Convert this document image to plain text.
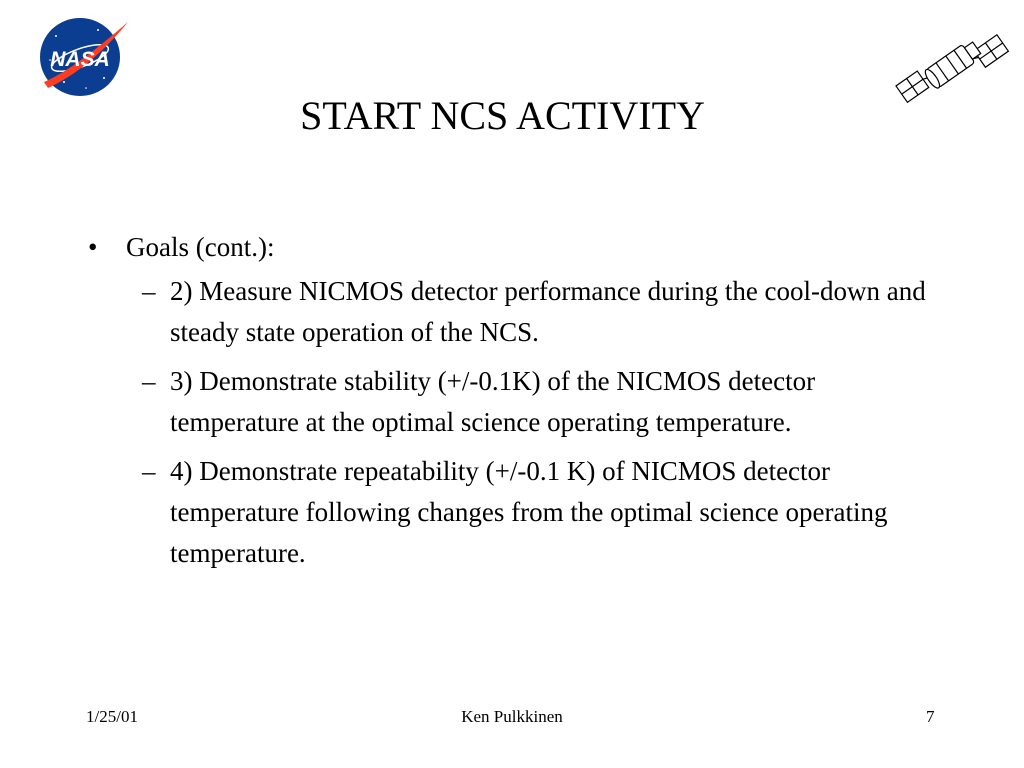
NASA
START NCS ACTIVITY
• Goals (cont.):
– 2) Measure NICMOS detector performance during the cool-down and steady state operation of the NCS.
– 3) Demonstrate stability (+/-0.1K) of the NICMOS detector temperature at the optimal science operating temperature.
– 4) Demonstrate repeatability (+/-0.1 K) of NICMOS detector temperature following changes from the optimal science operating temperature.
1/25/01	Ken Pulkkinen	7
